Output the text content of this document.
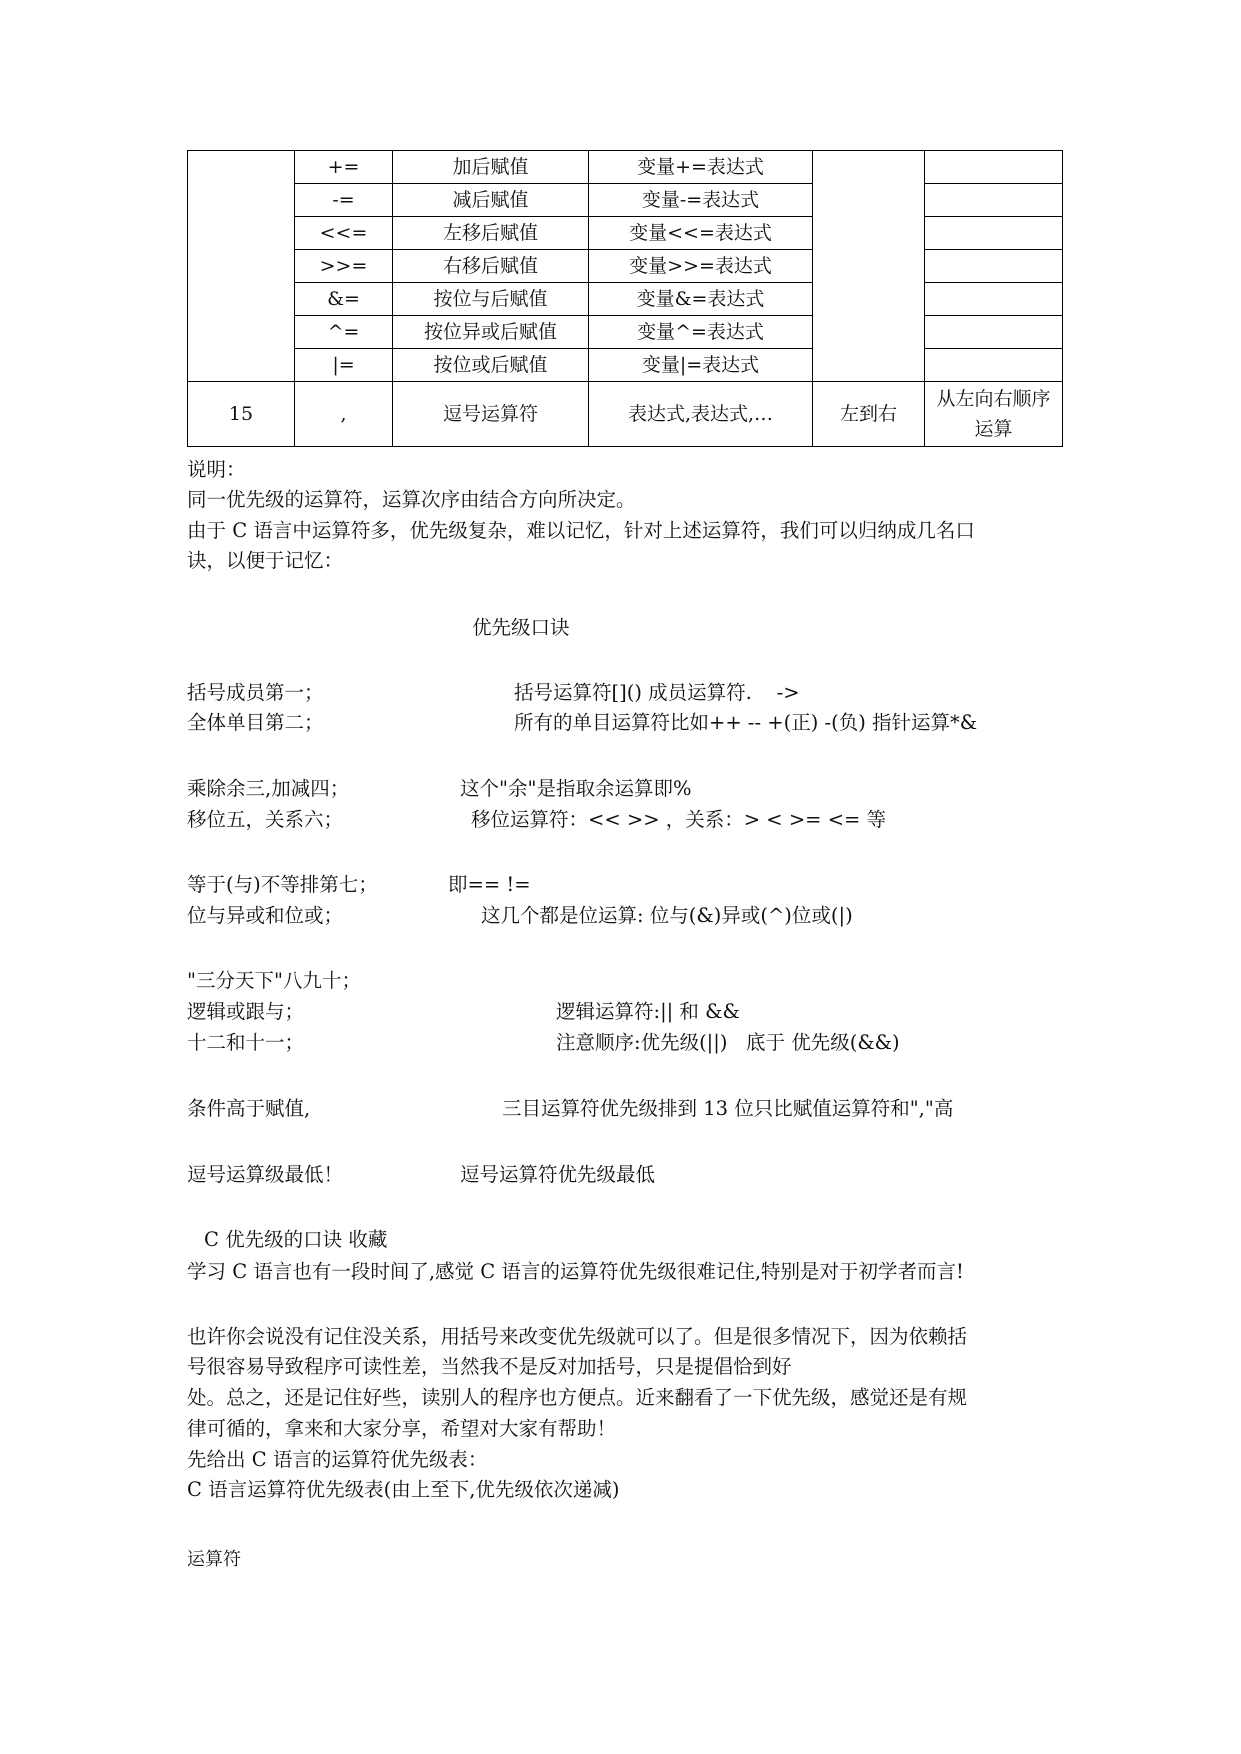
	+=	加后赋值	变量+=表达式		
	-=	减后赋值	变量-=表达式		
	<<=	左移后赋值	变量<<=表达式		
	>>=	右移后赋值	变量>>=表达式		
	&=	按位与后赋值	变量&=表达式		
	^=	按位异或后赋值	变量^=表达式		
	|=	按位或后赋值	变量|=表达式		
15	,	逗号运算符	表达式,表达式,…	左到右	从左向右顺序运算
说明：
同一优先级的运算符，运算次序由结合方向所决定。
由于 C 语言中运算符多，优先级复杂，难以记忆，针对上述运算符，我们可以归纳成几名口
诀，以便于记忆：
优先级口诀
括号成员第一；	括号运算符[]() 成员运算符.    ->
全体单目第二；	所有的单目运算符比如++ -- +(正) -(负) 指针运算*&
乘除余三,加减四；	这个"余"是指取余运算即%
移位五，关系六；	移位运算符：<< >> ，关系：> < >= <= 等
等于(与)不等排第七；	即== !=
位与异或和位或；	这几个都是位运算: 位与(&)异或(^)位或(|)
"三分天下"八九十；
逻辑或跟与；	逻辑运算符:|| 和 &&
十二和十一；	注意顺序:优先级(||)   底于 优先级(&&)
条件高于赋值,	三目运算符优先级排到 13 位只比赋值运算符和","高
逗号运算级最低！	逗号运算符优先级最低
C 优先级的口诀 收藏
学习 C 语言也有一段时间了,感觉 C 语言的运算符优先级很难记住,特别是对于初学者而言!
也许你会说没有记住没关系，用括号来改变优先级就可以了。但是很多情况下，因为依赖括
号很容易导致程序可读性差，当然我不是反对加括号，只是提倡恰到好
处。总之，还是记住好些，读别人的程序也方便点。近来翻看了一下优先级，感觉还是有规
律可循的，拿来和大家分享，希望对大家有帮助！
先给出 C 语言的运算符优先级表：
C 语言运算符优先级表(由上至下,优先级依次递减)
运算符
